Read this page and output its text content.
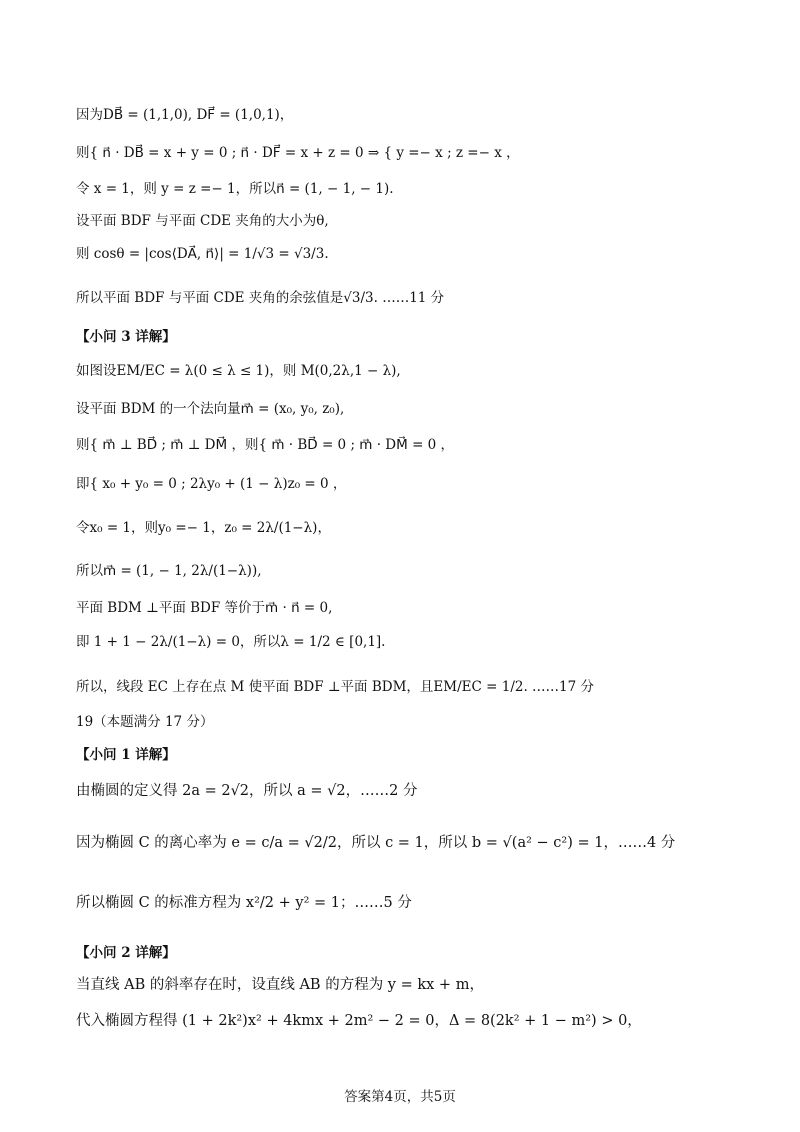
因为DB⃗ = (1,1,0), DF⃗ = (1,0,1)，
则{ n⃗ · DB⃗ = x + y = 0 ; n⃗ · DF⃗ = x + z = 0 ⇒ { y =− x ; z =− x ，
令 x = 1，则 y = z =− 1，所以n⃗ = (1, − 1, − 1).
设平面 BDF 与平面 CDE 夹角的大小为θ,
则 cosθ = |cos⟨DA⃗, n⃗⟩| = 1/√3 = √3/3.
所以平面 BDF 与平面 CDE 夹角的余弦值是√3/3. ……11 分
【小问 3 详解】
如图设EM/EC = λ(0 ≤ λ ≤ 1)，则 M(0,2λ,1 − λ),
设平面 BDM 的一个法向量m⃗ = (x₀, y₀, z₀),
则{ m⃗ ⊥ BD⃗ ; m⃗ ⊥ DM⃗ ，则{ m⃗ · BD⃗ = 0 ; m⃗ · DM⃗ = 0 ，
即{ x₀ + y₀ = 0 ; 2λy₀ + (1 − λ)z₀ = 0 ，
令x₀ = 1，则y₀ =− 1，z₀ = 2λ/(1−λ)，
所以m⃗ = (1, − 1, 2λ/(1−λ)),
平面 BDM ⊥平面 BDF 等价于m⃗ · n⃗ = 0,
即 1 + 1 − 2λ/(1−λ) = 0，所以λ = 1/2 ∈ [0,1].
所以，线段 EC 上存在点 M 使平面 BDF ⊥平面 BDM，且EM/EC = 1/2. ……17 分
19（本题满分 17 分）
【小问 1 详解】
由椭圆的定义得 2a = 2√2，所以 a = √2，……2 分
因为椭圆 C 的离心率为 e = c/a = √2/2，所以 c = 1，所以 b = √(a² − c²) = 1，……4 分
所以椭圆 C 的标准方程为 x²/2 + y² = 1；……5 分
【小问 2 详解】
当直线 AB 的斜率存在时，设直线 AB 的方程为 y = kx + m，
代入椭圆方程得 (1 + 2k²)x² + 4kmx + 2m² − 2 = 0，Δ = 8(2k² + 1 − m²) > 0，
答案第4页，共5页
